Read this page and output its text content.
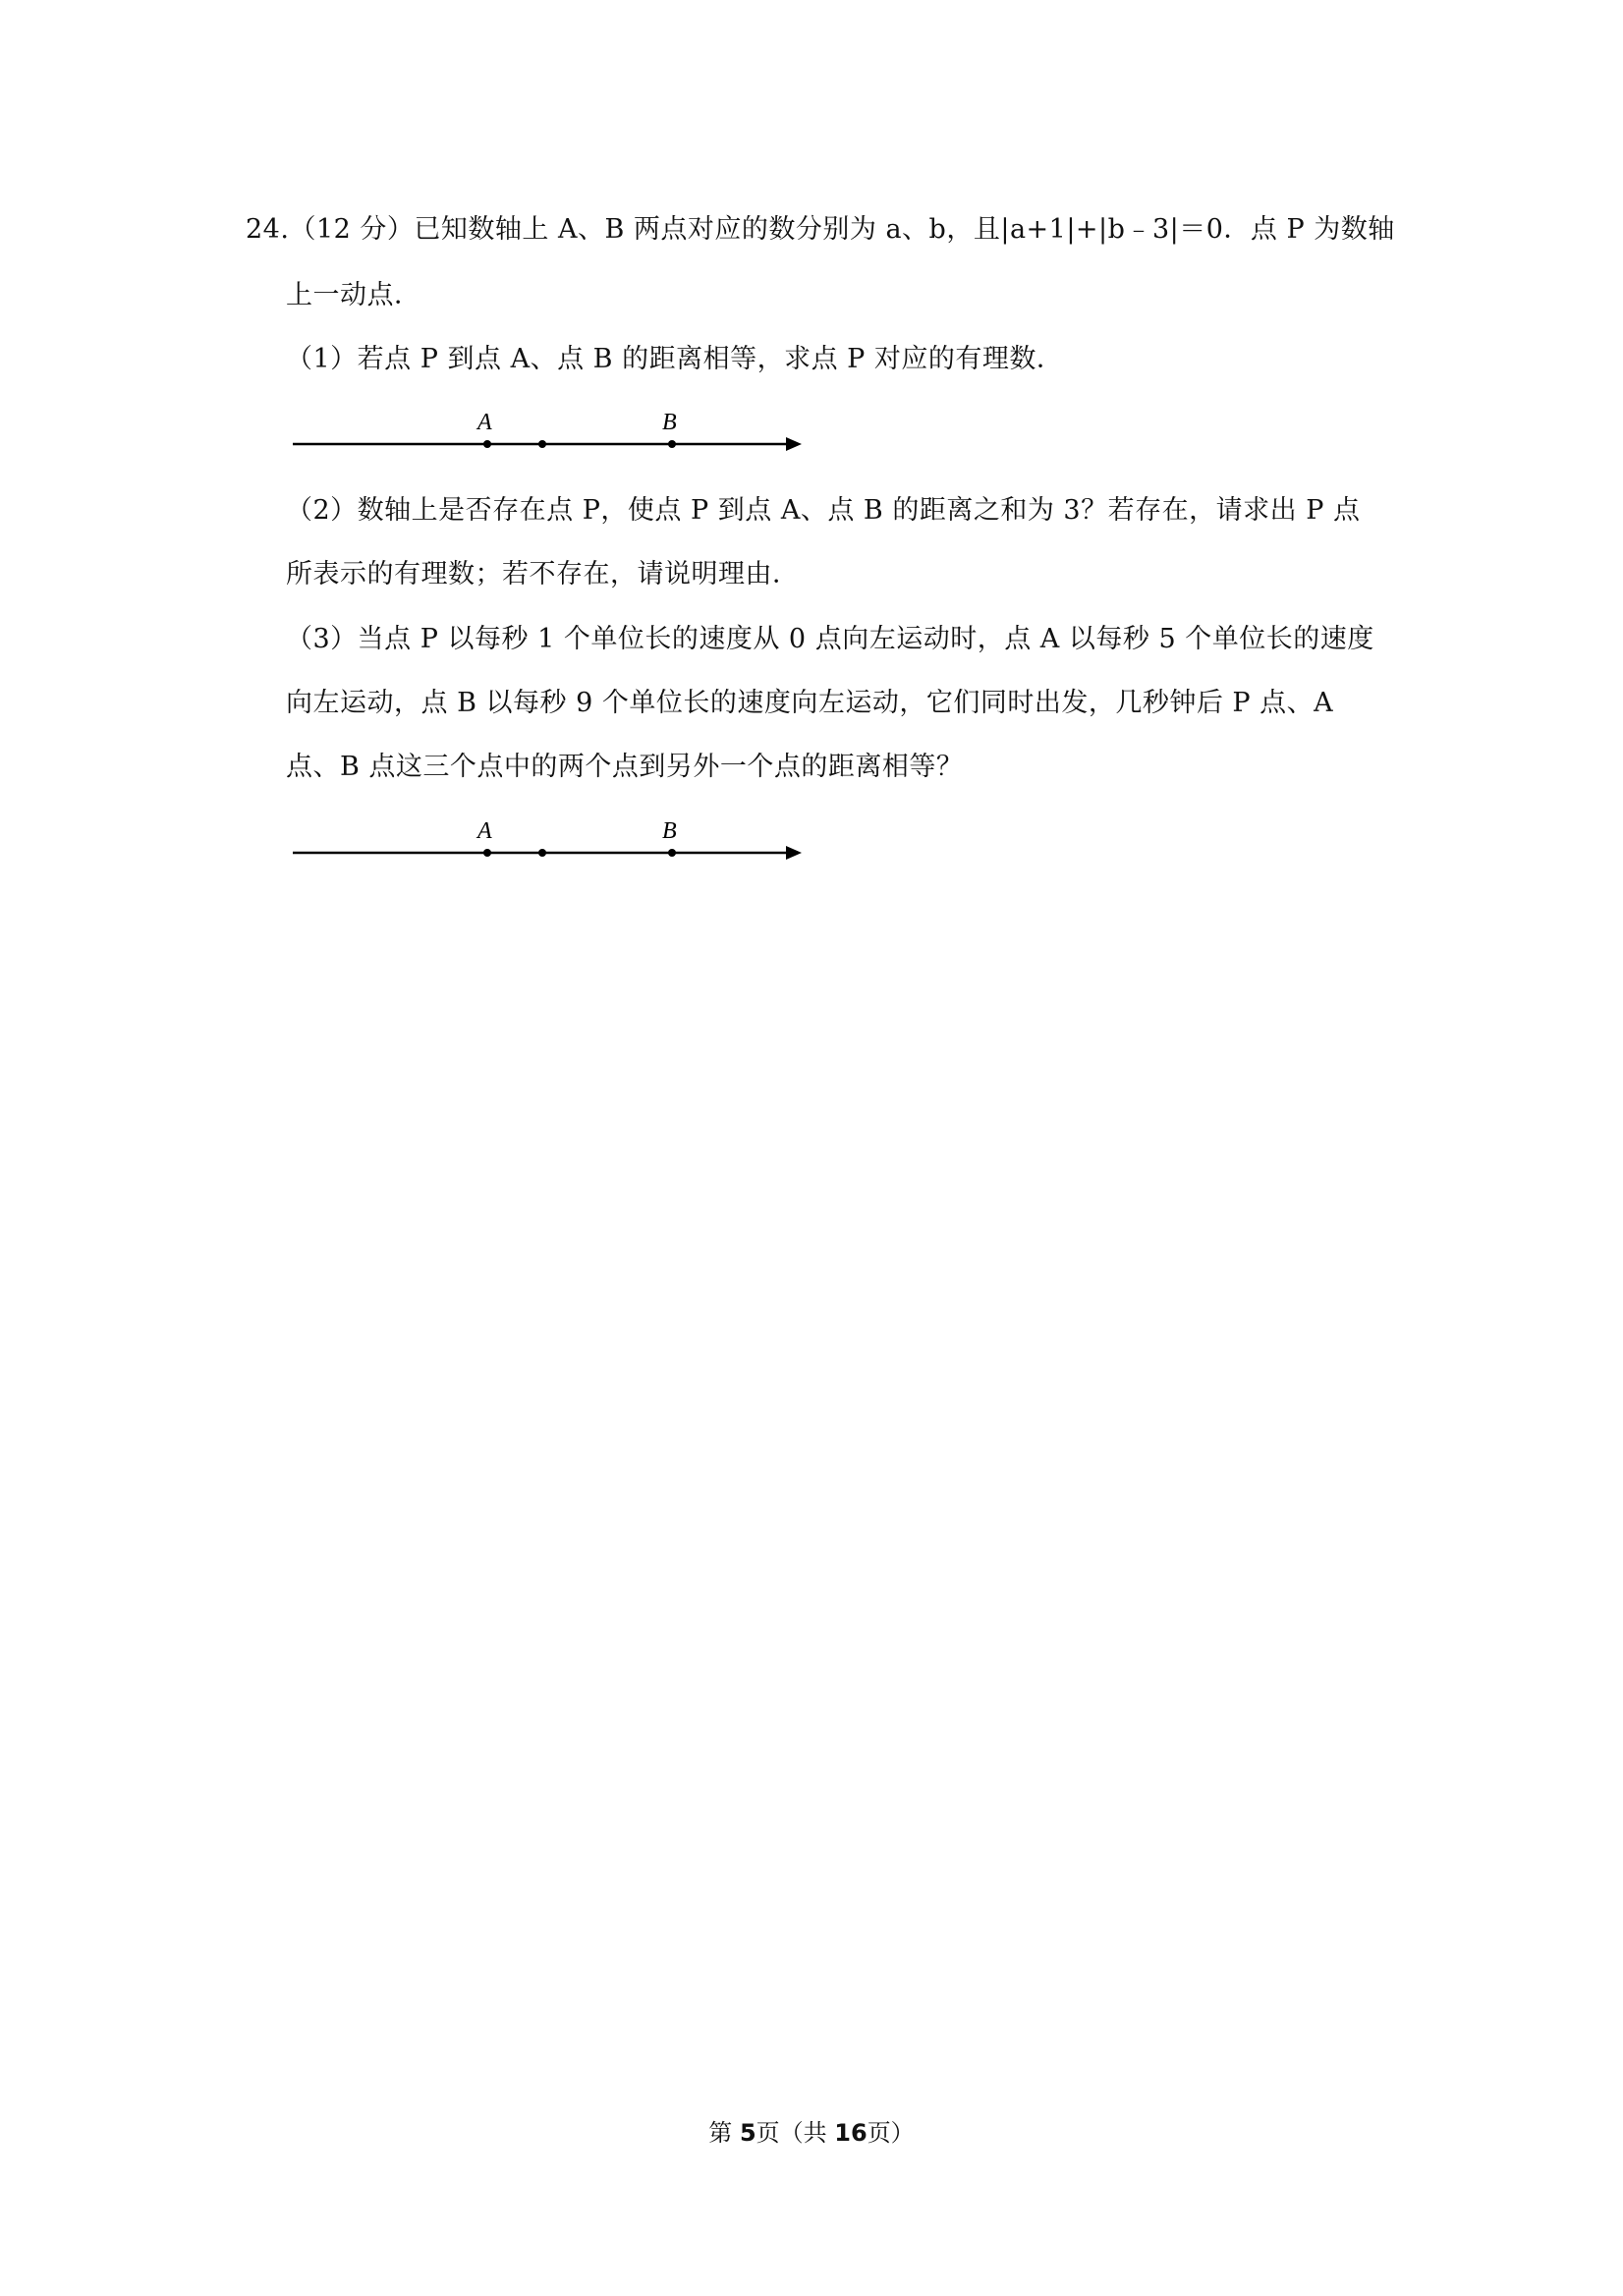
24.（12 分）已知数轴上 A、B 两点对应的数分别为 a、b，且|a+1|+|b﹣3|＝0．点 P 为数轴
上一动点．
（1）若点 P 到点 A、点 B 的距离相等，求点 P 对应的有理数．
A	B
（2）数轴上是否存在点 P，使点 P 到点 A、点 B 的距离之和为 3？若存在，请求出 P 点
所表示的有理数；若不存在，请说明理由．
（3）当点 P 以每秒 1 个单位长的速度从 0 点向左运动时，点 A 以每秒 5 个单位长的速度
向左运动，点 B 以每秒 9 个单位长的速度向左运动，它们同时出发，几秒钟后 P 点、A
点、B 点这三个点中的两个点到另外一个点的距离相等？
A	B
第 5页（共 16页）
